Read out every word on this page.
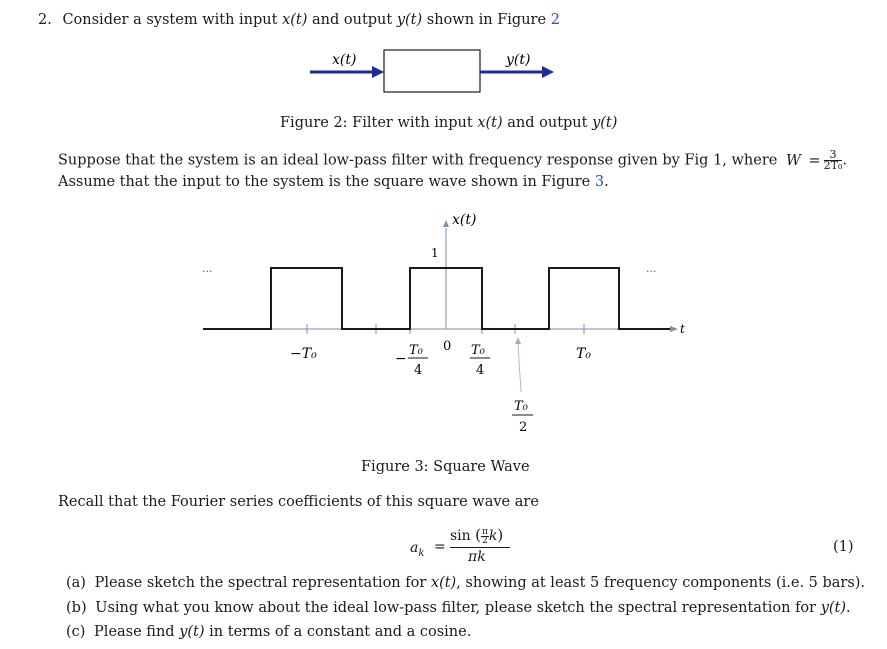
2. Consider a system with input x(t) and output y(t) shown in Figure 2
x(t)	y(t)
Figure 2: Filter with input x(t) and output y(t)
Suppose that the system is an ideal low-pass filter with frequency response given by Fig 1, where $W = \frac{3}{\text{2T₀}}$ .
Assume that the input to the system is the square wave shown in Figure 3.
x(t)
t
1
...	...
−T₀	−
T₀
4
0 T₀
4
T₀
T₀
2
Figure 3: Square Wave
Recall that the Fourier series coefficients of this square wave are
$a_k$ =
sin ( $\frac{\pi}{2} k$)
πk
(1)
(a) Please sketch the spectral representation for x(t), showing at least 5 frequency components (i.e. 5 bars).
(b) Using what you know about the ideal low-pass filter, please sketch the spectral representation for y(t).
(c) Please find y(t) in terms of a constant and a cosine.
